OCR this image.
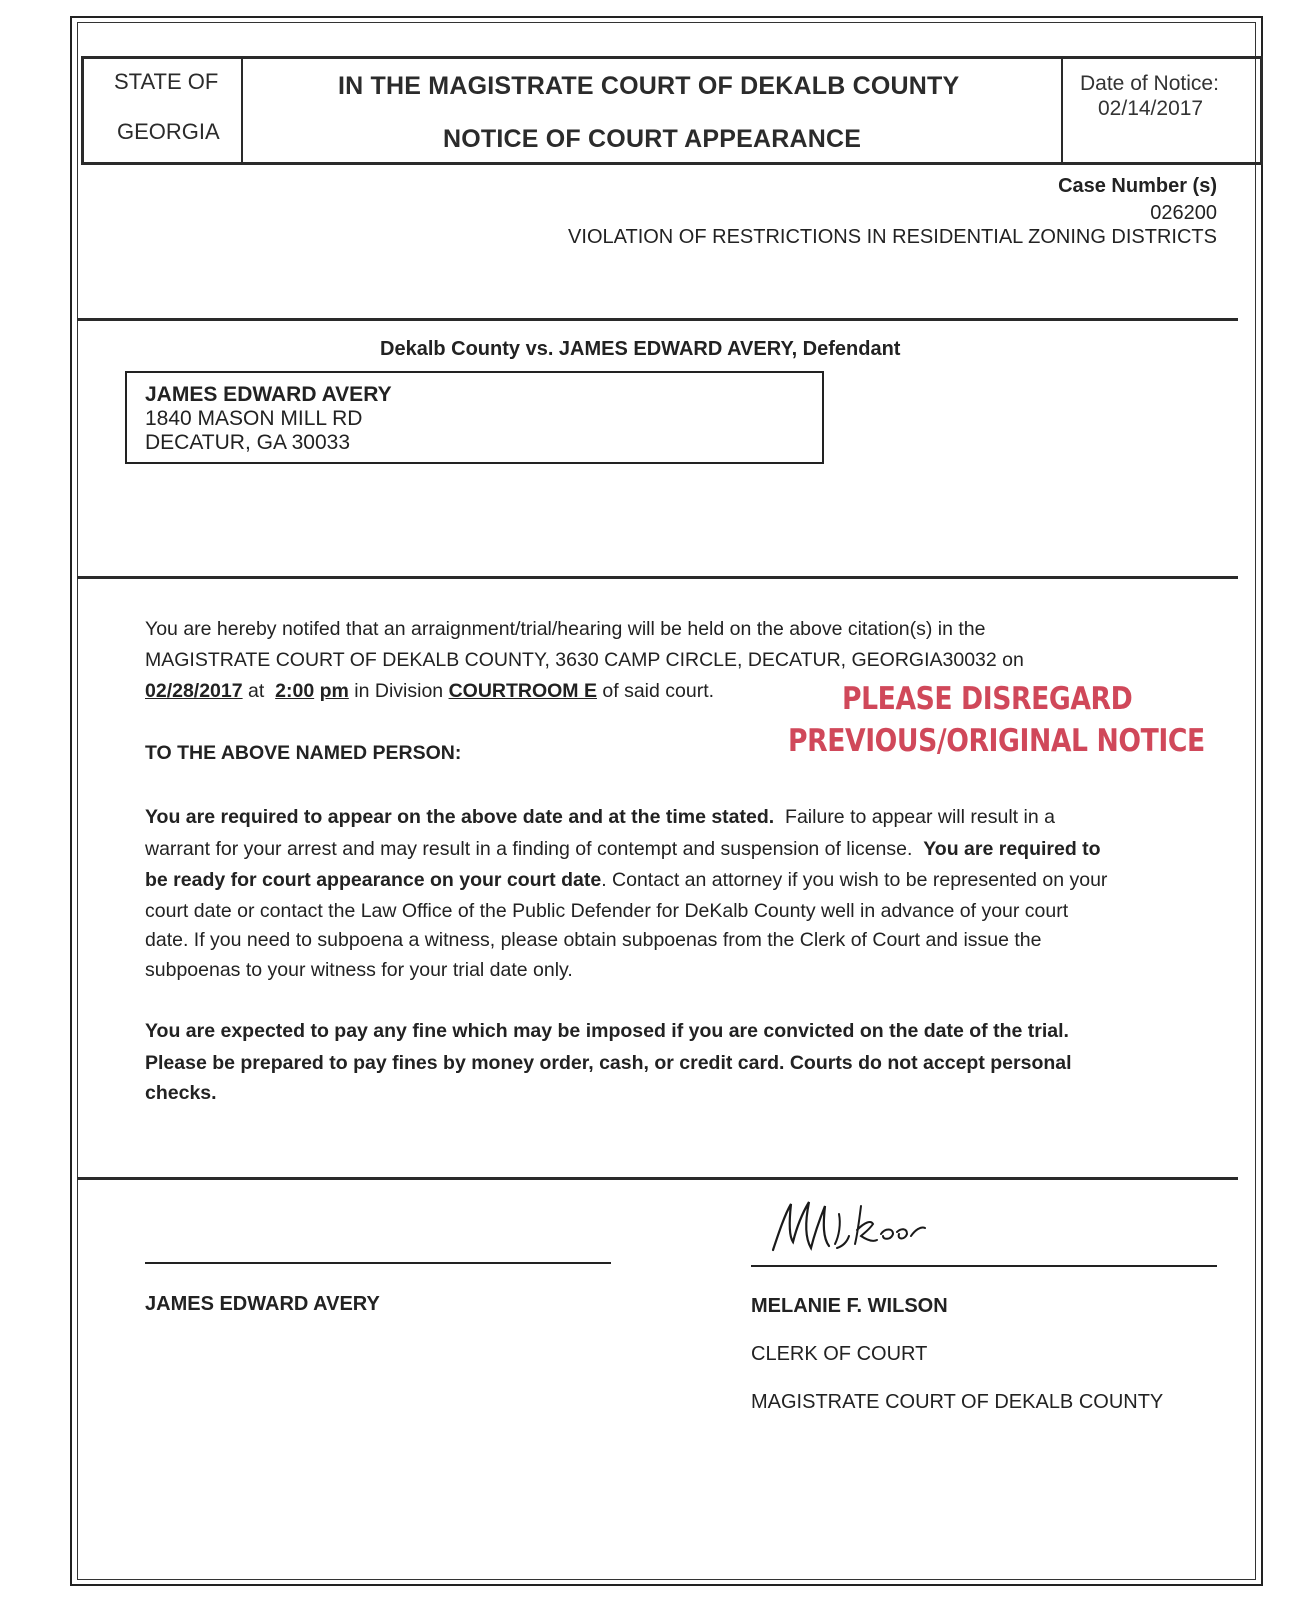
STATE OF
GEORGIA
IN THE MAGISTRATE COURT OF DEKALB COUNTY
NOTICE OF COURT APPEARANCE
Date of Notice:
02/14/2017
Case Number (s)
026200
VIOLATION OF RESTRICTIONS IN RESIDENTIAL ZONING DISTRICTS
Dekalb County vs. JAMES EDWARD AVERY, Defendant
JAMES EDWARD AVERY
1840 MASON MILL RD
DECATUR, GA 30033
You are hereby notifed that an arraignment/trial/hearing will be held on the above citation(s) in the
MAGISTRATE COURT OF DEKALB COUNTY, 3630 CAMP CIRCLE, DECATUR, GEORGIA30032 on
02/28/2017 at 2:00 pm in Division COURTROOM E of said court.
TO THE ABOVE NAMED PERSON:
PLEASE DISREGARD
PREVIOUS/ORIGINAL NOTICE
You are required to appear on the above date and at the time stated. Failure to appear will result in a
warrant for your arrest and may result in a finding of contempt and suspension of license. You are required to
be ready for court appearance on your court date. Contact an attorney if you wish to be represented on your
court date or contact the Law Office of the Public Defender for DeKalb County well in advance of your court
date. If you need to subpoena a witness, please obtain subpoenas from the Clerk of Court and issue the
subpoenas to your witness for your trial date only.
You are expected to pay any fine which may be imposed if you are convicted on the date of the trial.
Please be prepared to pay fines by money order, cash, or credit card. Courts do not accept personal
checks.
JAMES EDWARD AVERY	MELANIE F. WILSON
CLERK OF COURT
MAGISTRATE COURT OF DEKALB COUNTY
